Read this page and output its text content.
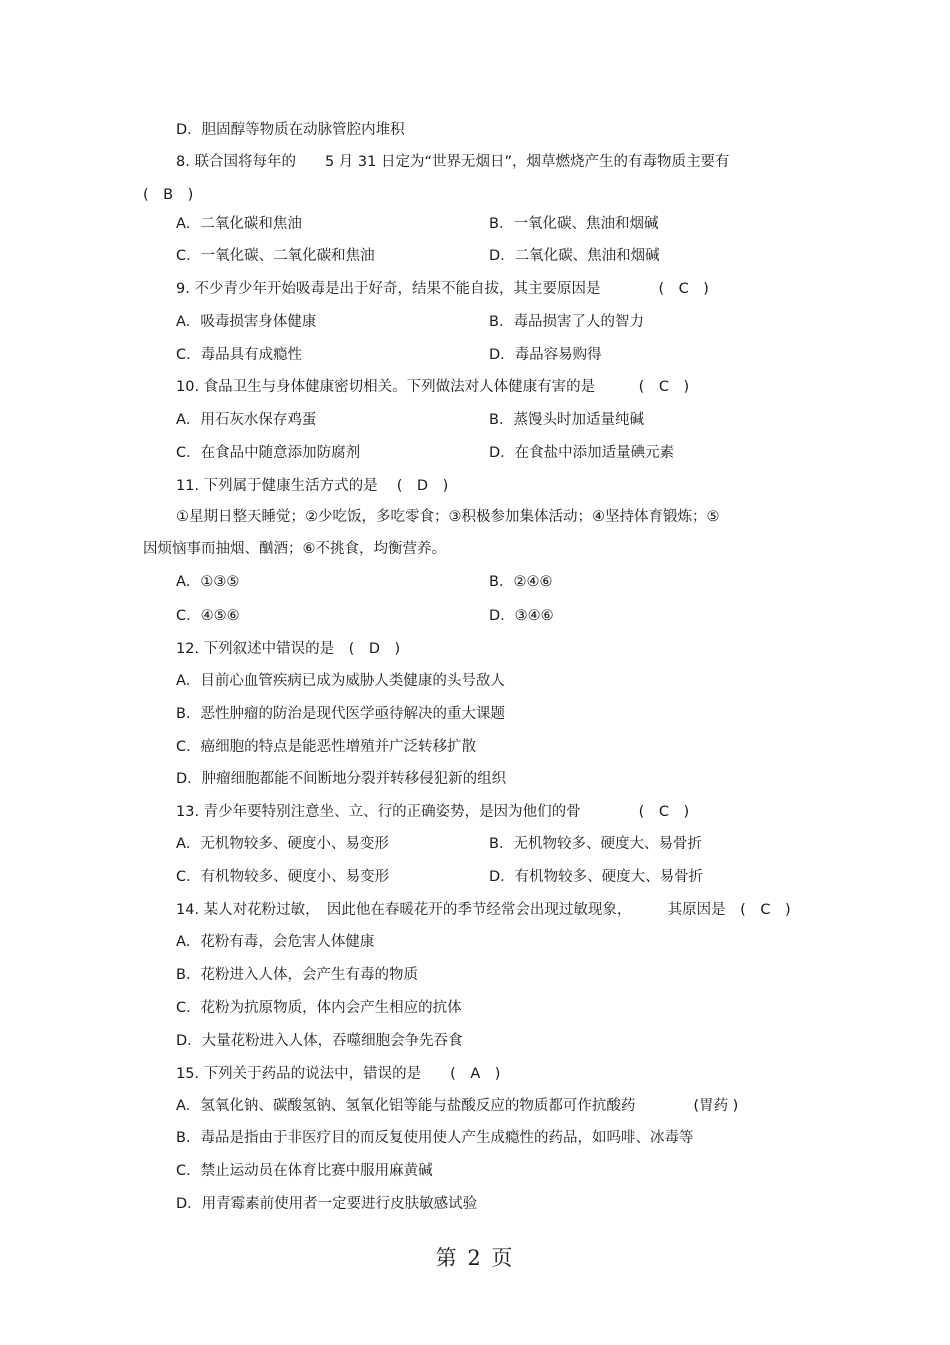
D．胆固醇等物质在动脉管腔内堆积
8. 联合国将每年的　　5 月 31 日定为“世界无烟日”，烟草燃烧产生的有毒物质主要有
(　B　)
A．二氧化碳和焦油	B．一氧化碳、焦油和烟碱
C．一氧化碳、二氧化碳和焦油	D．二氧化碳、焦油和烟碱
9. 不少青少年开始吸毒是出于好奇，结果不能自拔，其主要原因是　　　　(　C　)
A．吸毒损害身体健康	B．毒品损害了人的智力
C．毒品具有成瘾性	D．毒品容易购得
10. 食品卫生与身体健康密切相关。下列做法对人体健康有害的是　　　(　C　)
A．用石灰水保存鸡蛋	B．蒸馒头时加适量纯碱
C．在食品中随意添加防腐剂	D．在食盐中添加适量碘元素
11. 下列属于健康生活方式的是　 (　D　)
①星期日整天睡觉；②少吃饭，多吃零食；③积极参加集体活动；④坚持体育锻炼；⑤
因烦恼事而抽烟、酗酒；⑥不挑食，均衡营养。
A．①③⑤	B．②④⑥
C．④⑤⑥	D．③④⑥
12. 下列叙述中错误的是　(　D　)
A．目前心血管疾病已成为威胁人类健康的头号敌人
B．恶性肿瘤的防治是现代医学亟待解决的重大课题
C．癌细胞的特点是能恶性增殖并广泛转移扩散
D．肿瘤细胞都能不间断地分裂并转移侵犯新的组织
13. 青少年要特别注意坐、立、行的正确姿势，是因为他们的骨　　　　(　C　)
A．无机物较多、硬度小、易变形	B．无机物较多、硬度大、易骨折
C．有机物较多、硬度小、易变形	D．有机物较多、硬度大、易骨折
14. 某人对花粉过敏，　因此他在春暖花开的季节经常会出现过敏现象，　　　其原因是　(　C　)
A．花粉有毒，会危害人体健康
B．花粉进入人体，会产生有毒的物质
C．花粉为抗原物质，体内会产生相应的抗体
D．大量花粉进入人体，吞噬细胞会争先吞食
15. 下列关于药品的说法中，错误的是　　(　A　)
A．氢氧化钠、碳酸氢钠、氢氧化铝等能与盐酸反应的物质都可作抗酸药　　　　(胃药 )
B．毒品是指由于非医疗目的而反复使用使人产生成瘾性的药品，如吗啡、冰毒等
C．禁止运动员在体育比赛中服用麻黄碱
D．用青霉素前使用者一定要进行皮肤敏感试验
第 2 页
